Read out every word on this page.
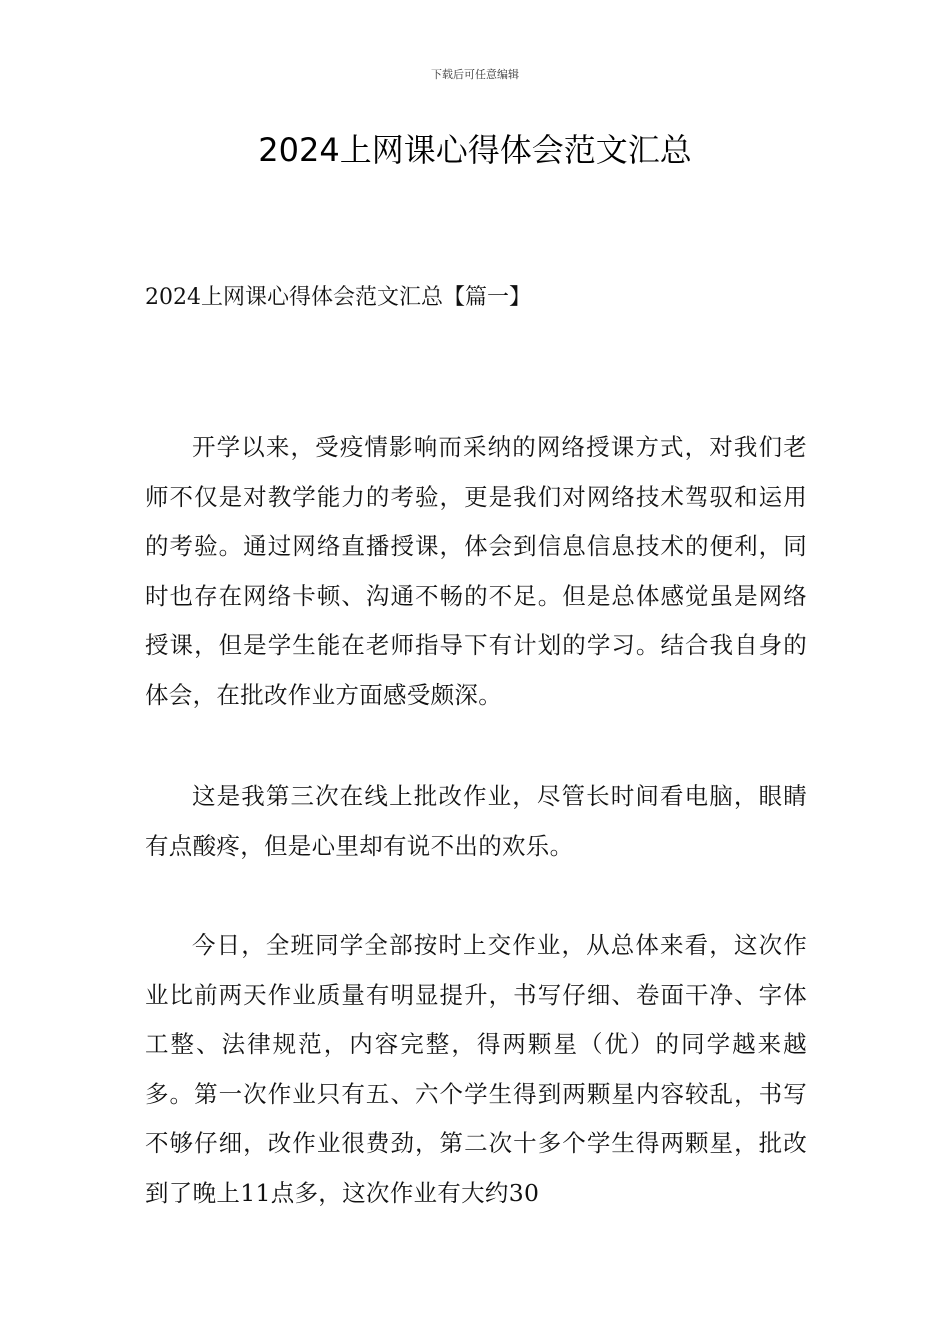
下载后可任意编辑
2024上网课心得体会范文汇总
2024上网课心得体会范文汇总【篇一】

开学以来，受疫情影响而采纳的网络授课方式，对我们老师不仅是对教学能力的考验，更是我们对网络技术驾驭和运用的考验。通过网络直播授课，体会到信息信息技术的便利，同时也存在网络卡顿、沟通不畅的不足。但是总体感觉虽是网络授课，但是学生能在老师指导下有计划的学习。结合我自身的体会，在批改作业方面感受颇深。

这是我第三次在线上批改作业，尽管长时间看电脑，眼睛有点酸疼，但是心里却有说不出的欢乐。

今日，全班同学全部按时上交作业，从总体来看，这次作业比前两天作业质量有明显提升，书写仔细、卷面干净、字体工整、法律规范，内容完整，得两颗星（优）的同学越来越多。第一次作业只有五、六个学生得到两颗星内容较乱，书写不够仔细，改作业很费劲，第二次十多个学生得两颗星，批改到了晚上11点多，这次作业有大约30
